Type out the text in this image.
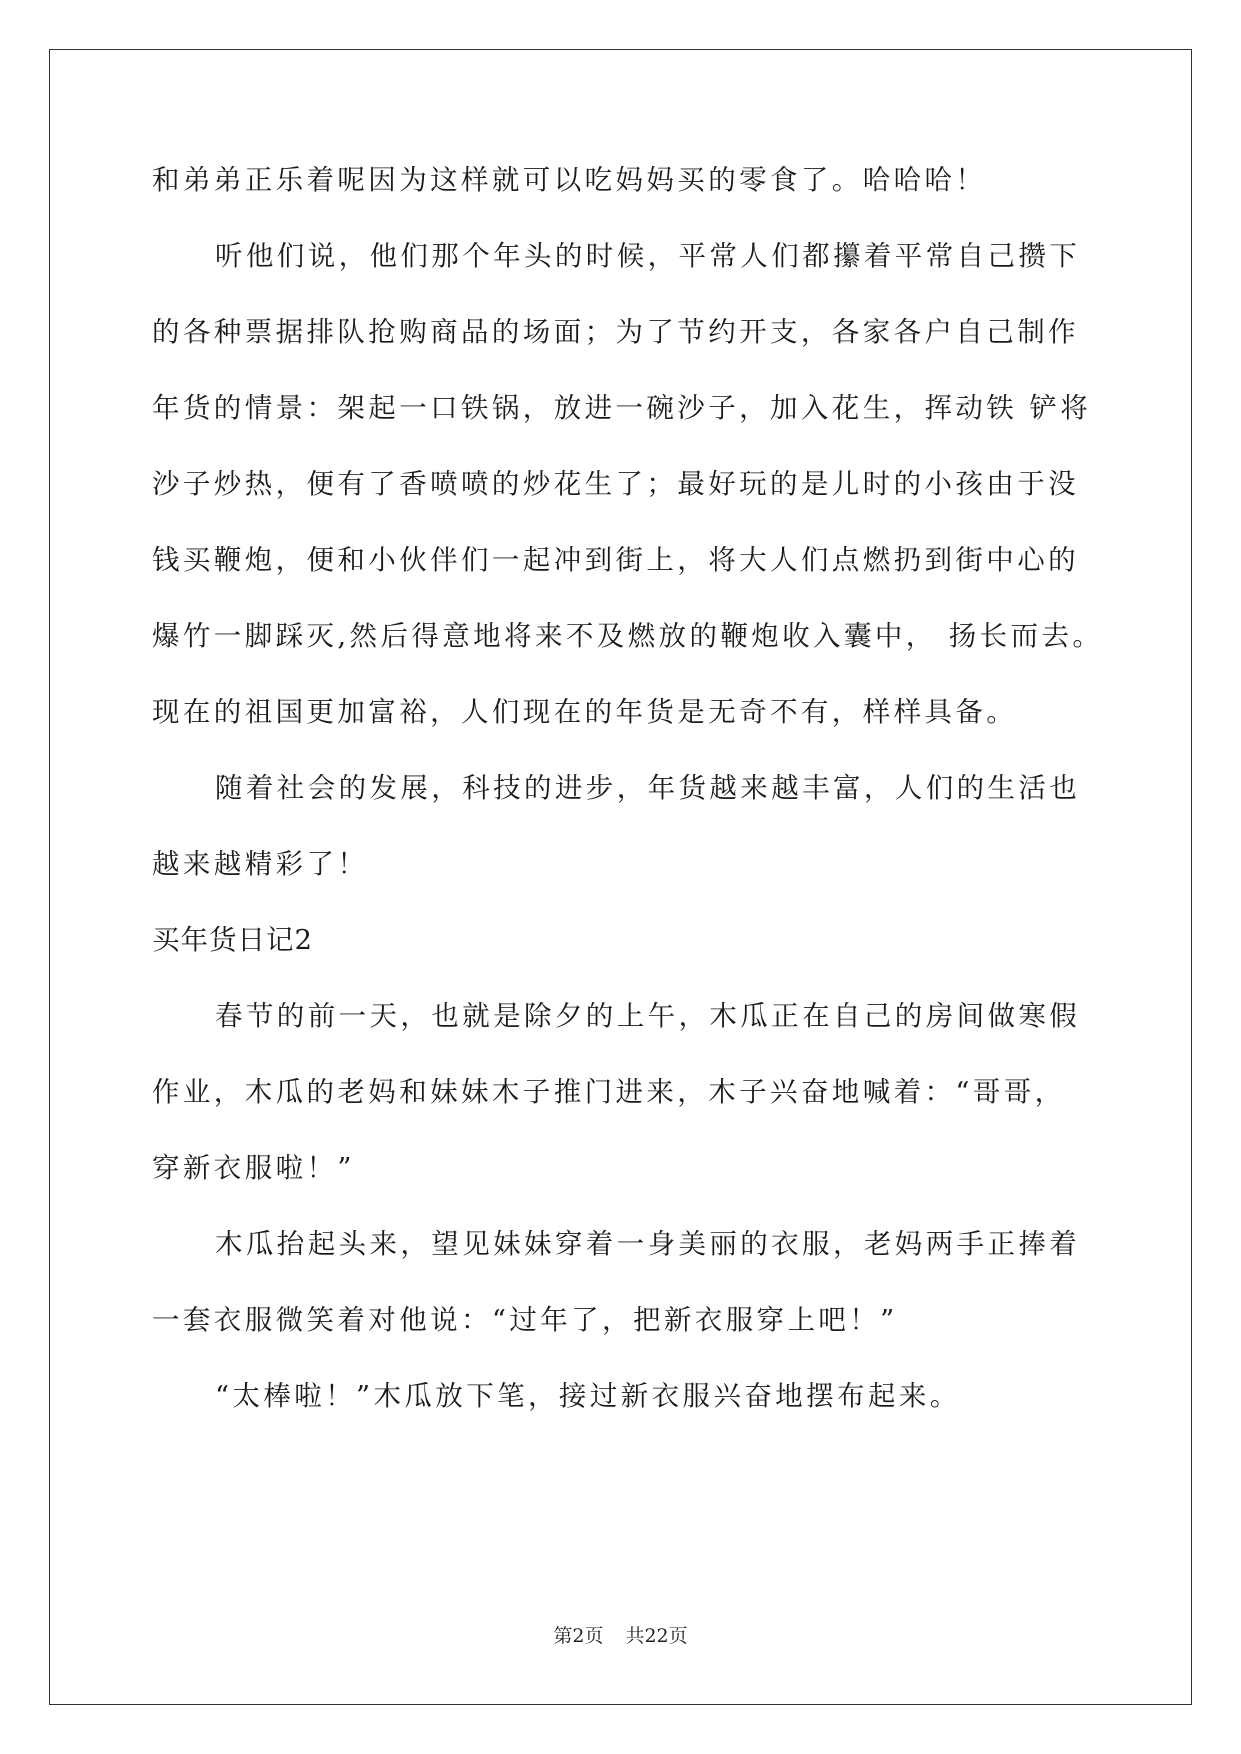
和弟弟正乐着呢因为这样就可以吃妈妈买的零食了。哈哈哈！
听他们说，他们那个年头的时候，平常人们都攥着平常自己攒下
的各种票据排队抢购商品的场面；为了节约开支，各家各户自己制作
年货的情景：架起一口铁锅，放进一碗沙子，加入花生，挥动铁 铲将
沙子炒热，便有了香喷喷的炒花生了；最好玩的是儿时的小孩由于没
钱买鞭炮，便和小伙伴们一起冲到街上，将大人们点燃扔到街中心的
爆竹一脚踩灭,然后得意地将来不及燃放的鞭炮收入囊中， 扬长而去。
现在的祖国更加富裕，人们现在的年货是无奇不有，样样具备。
随着社会的发展，科技的进步，年货越来越丰富，人们的生活也
越来越精彩了！
买年货日记2
春节的前一天，也就是除夕的上午，木瓜正在自己的房间做寒假
作业，木瓜的老妈和妹妹木子推门进来，木子兴奋地喊着：“哥哥，
穿新衣服啦！”
木瓜抬起头来，望见妹妹穿着一身美丽的衣服，老妈两手正捧着
一套衣服微笑着对他说：“过年了，把新衣服穿上吧！”
“太棒啦！”木瓜放下笔，接过新衣服兴奋地摆布起来。
第2页 共22页
